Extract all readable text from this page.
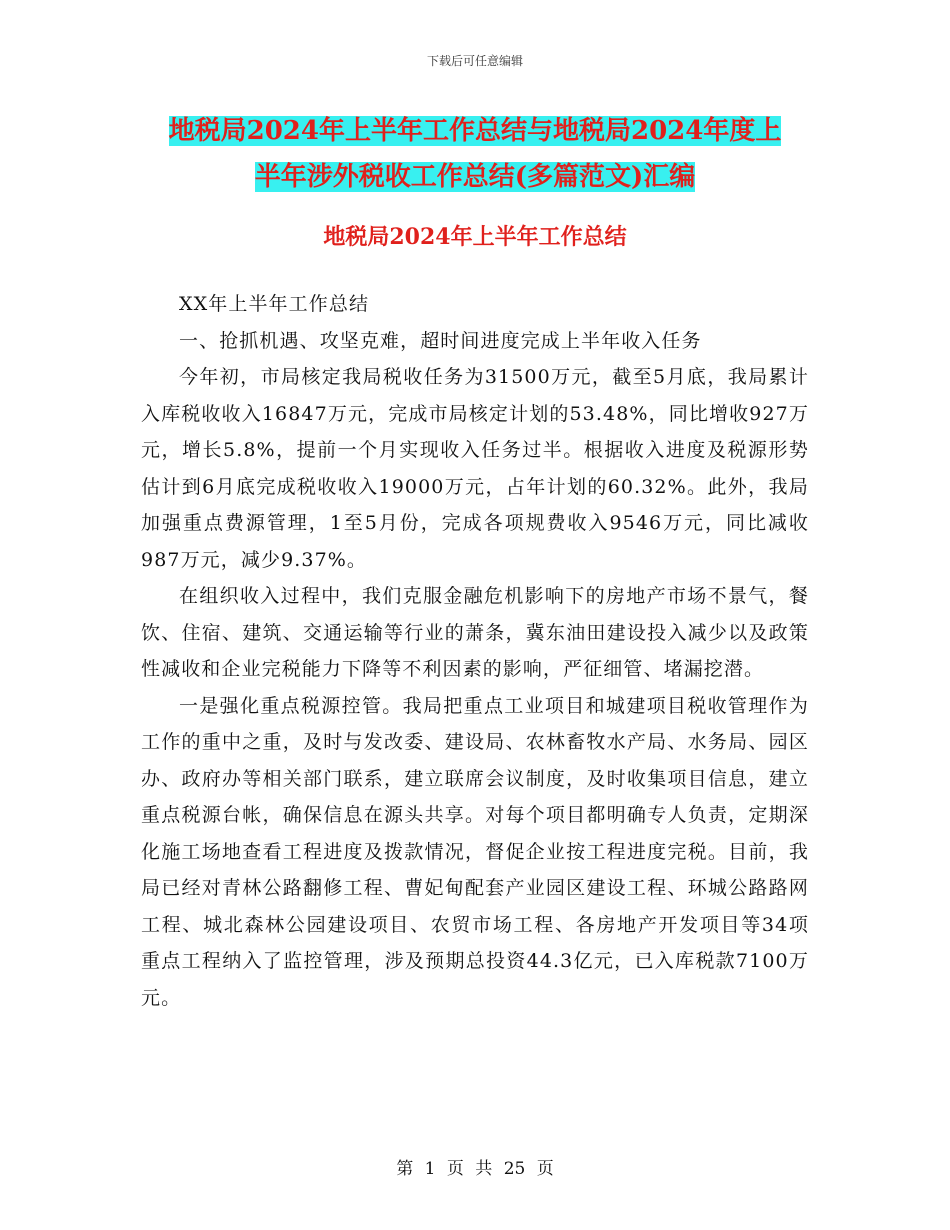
下载后可任意编辑
地税局2024年上半年工作总结与地税局2024年度上
半年涉外税收工作总结(多篇范文)汇编
地税局2024年上半年工作总结

XX年上半年工作总结

一、抢抓机遇、攻坚克难，超时间进度完成上半年收入任务

今年初，市局核定我局税收任务为31500万元，截至5月底，我局累计入库税收收入16847万元，完成市局核定计划的53.48%，同比增收927万元，增长5.8%，提前一个月实现收入任务过半。根据收入进度及税源形势估计到6月底完成税收收入19000万元，占年计划的60.32%。此外，我局加强重点费源管理，1至5月份，完成各项规费收入9546万元，同比减收987万元，减少9.37%。

在组织收入过程中，我们克服金融危机影响下的房地产市场不景气，餐饮、住宿、建筑、交通运输等行业的萧条，冀东油田建设投入减少以及政策性减收和企业完税能力下降等不利因素的影响，严征细管、堵漏挖潜。

一是强化重点税源控管。我局把重点工业项目和城建项目税收管理作为工作的重中之重，及时与发改委、建设局、农林畜牧水产局、水务局、园区办、政府办等相关部门联系，建立联席会议制度，及时收集项目信息，建立重点税源台帐，确保信息在源头共享。对每个项目都明确专人负责，定期深化施工场地查看工程进度及拨款情况，督促企业按工程进度完税。目前，我局已经对青林公路翻修工程、曹妃甸配套产业园区建设工程、环城公路路网工程、城北森林公园建设项目、农贸市场工程、各房地产开发项目等34项重点工程纳入了监控管理，涉及预期总投资44.3亿元，已入库税款7100万元。

第 1 页 共 25 页
